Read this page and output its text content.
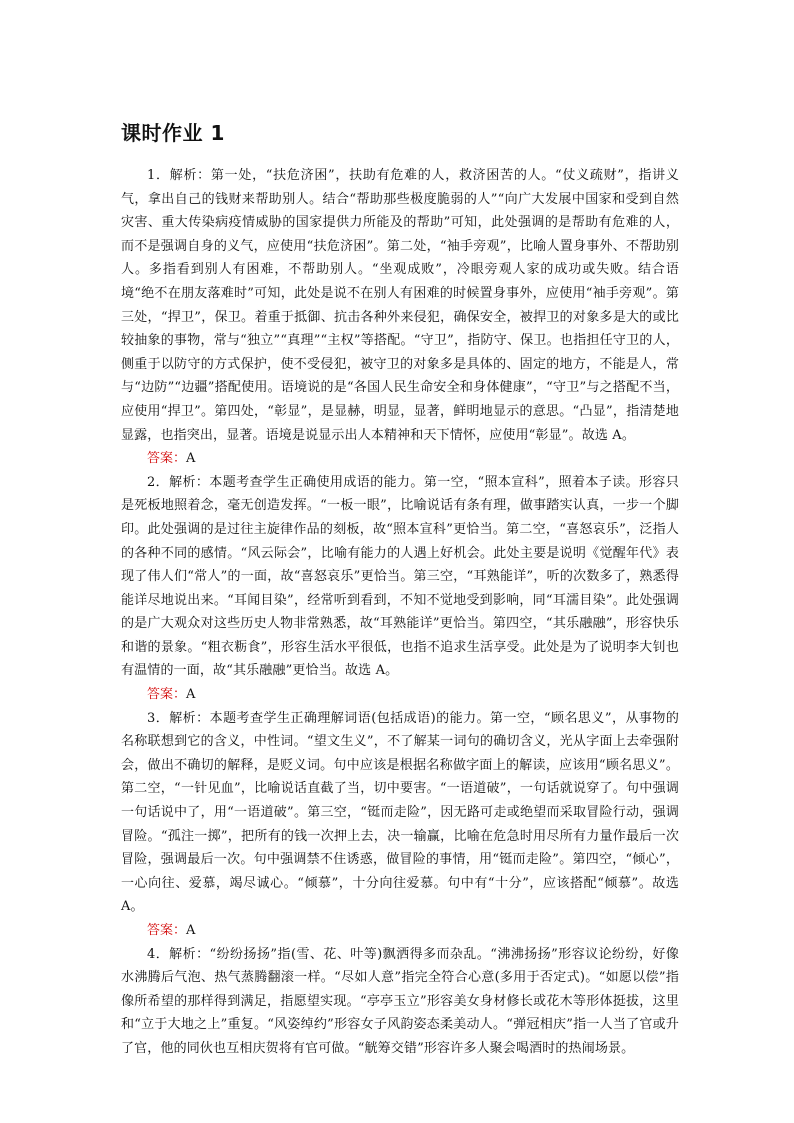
课时作业 1

1．解析：第一处，“扶危济困”，扶助有危难的人，救济困苦的人。“仗义疏财”，指讲义气，拿出自己的钱财来帮助别人。结合“帮助那些极度脆弱的人”“向广大发展中国家和受到自然灾害、重大传染病疫情威胁的国家提供力所能及的帮助”可知，此处强调的是帮助有危难的人，而不是强调自身的义气，应使用“扶危济困”。第二处，“袖手旁观”，比喻人置身事外、不帮助别人。多指看到别人有困难，不帮助别人。“坐观成败”，冷眼旁观人家的成功或失败。结合语境“绝不在朋友落难时”可知，此处是说不在别人有困难的时候置身事外，应使用“袖手旁观”。第三处，“捍卫”，保卫。着重于抵御、抗击各种外来侵犯，确保安全，被捍卫的对象多是大的或比较抽象的事物，常与“独立”“真理”“主权”等搭配。“守卫”，指防守、保卫。也指担任守卫的人，侧重于以防守的方式保护，使不受侵犯，被守卫的对象多是具体的、固定的地方，不能是人，常与“边防”“边疆”搭配使用。语境说的是“各国人民生命安全和身体健康”，“守卫”与之搭配不当，应使用“捍卫”。第四处，“彰显”，是显赫，明显，显著，鲜明地显示的意思。“凸显”，指清楚地显露，也指突出，显著。语境是说显示出人本精神和天下情怀，应使用“彰显”。故选 A。

答案：A

2．解析：本题考查学生正确使用成语的能力。第一空，“照本宣科”，照着本子读。形容只是死板地照着念，毫无创造发挥。“一板一眼”，比喻说话有条有理，做事踏实认真，一步一个脚印。此处强调的是过往主旋律作品的刻板，故“照本宣科”更恰当。第二空，“喜怒哀乐”，泛指人的各种不同的感情。“风云际会”，比喻有能力的人遇上好机会。此处主要是说明《觉醒年代》表现了伟人们“常人”的一面，故“喜怒哀乐”更恰当。第三空，“耳熟能详”，听的次数多了，熟悉得能详尽地说出来。“耳闻目染”，经常听到看到，不知不觉地受到影响，同“耳濡目染”。此处强调的是广大观众对这些历史人物非常熟悉，故“耳熟能详”更恰当。第四空，“其乐融融”，形容快乐和谐的景象。“粗衣粝食”，形容生活水平很低，也指不追求生活享受。此处是为了说明李大钊也有温情的一面，故“其乐融融”更恰当。故选 A。

答案：A

3．解析：本题考查学生正确理解词语(包括成语)的能力。第一空，“顾名思义”，从事物的名称联想到它的含义，中性词。“望文生义”，不了解某一词句的确切含义，光从字面上去牵强附会，做出不确切的解释，是贬义词。句中应该是根据名称做字面上的解读，应该用“顾名思义”。第二空，“一针见血”，比喻说话直截了当，切中要害。“一语道破”，一句话就说穿了。句中强调一句话说中了，用“一语道破”。第三空，“铤而走险”，因无路可走或绝望而采取冒险行动，强调冒险。“孤注一掷”，把所有的钱一次押上去，决一输赢，比喻在危急时用尽所有力量作最后一次冒险，强调最后一次。句中强调禁不住诱惑，做冒险的事情，用“铤而走险”。第四空，“倾心”，一心向往、爱慕，竭尽诚心。“倾慕”，十分向往爱慕。句中有“十分”，应该搭配“倾慕”。故选 A。

答案：A

4．解析：“纷纷扬扬”指(雪、花、叶等)飘洒得多而杂乱。“沸沸扬扬”形容议论纷纷，好像水沸腾后气泡、热气蒸腾翻滚一样。“尽如人意”指完全符合心意(多用于否定式)。“如愿以偿”指像所希望的那样得到满足，指愿望实现。“亭亭玉立”形容美女身材修长或花木等形体挺拔，这里和“立于大地之上”重复。“风姿绰约”形容女子风韵姿态柔美动人。“弹冠相庆”指一人当了官或升了官，他的同伙也互相庆贺将有官可做。“觥筹交错”形容许多人聚会喝酒时的热闹场景。
